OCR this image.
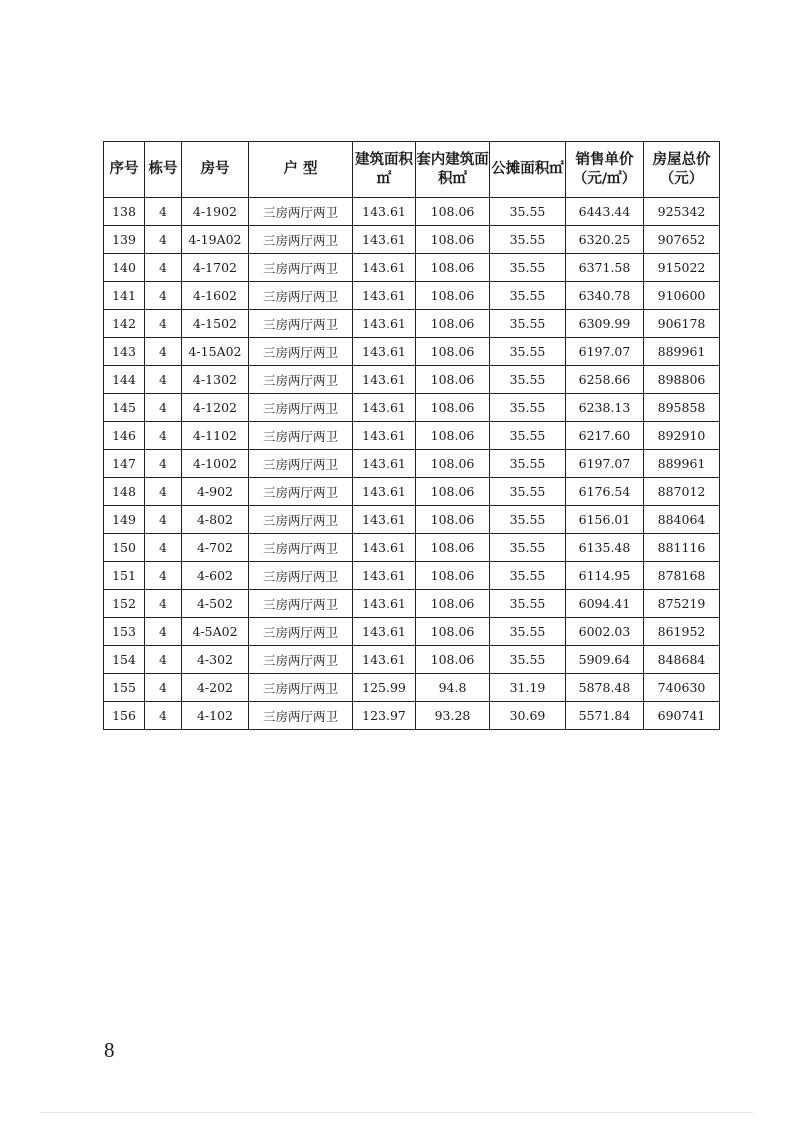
序号	栋号	房号	户 型	建筑面积㎡	套内建筑面积㎡	公摊面积㎡	销售单价（元/㎡）	房屋总价（元）
138	4	4-1902	三房两厅两卫	143.61	108.06	35.55	6443.44	925342
139	4	4-19A02	三房两厅两卫	143.61	108.06	35.55	6320.25	907652
140	4	4-1702	三房两厅两卫	143.61	108.06	35.55	6371.58	915022
141	4	4-1602	三房两厅两卫	143.61	108.06	35.55	6340.78	910600
142	4	4-1502	三房两厅两卫	143.61	108.06	35.55	6309.99	906178
143	4	4-15A02	三房两厅两卫	143.61	108.06	35.55	6197.07	889961
144	4	4-1302	三房两厅两卫	143.61	108.06	35.55	6258.66	898806
145	4	4-1202	三房两厅两卫	143.61	108.06	35.55	6238.13	895858
146	4	4-1102	三房两厅两卫	143.61	108.06	35.55	6217.60	892910
147	4	4-1002	三房两厅两卫	143.61	108.06	35.55	6197.07	889961
148	4	4-902	三房两厅两卫	143.61	108.06	35.55	6176.54	887012
149	4	4-802	三房两厅两卫	143.61	108.06	35.55	6156.01	884064
150	4	4-702	三房两厅两卫	143.61	108.06	35.55	6135.48	881116
151	4	4-602	三房两厅两卫	143.61	108.06	35.55	6114.95	878168
152	4	4-502	三房两厅两卫	143.61	108.06	35.55	6094.41	875219
153	4	4-5A02	三房两厅两卫	143.61	108.06	35.55	6002.03	861952
154	4	4-302	三房两厅两卫	143.61	108.06	35.55	5909.64	848684
155	4	4-202	三房两厅两卫	125.99	94.8	31.19	5878.48	740630
156	4	4-102	三房两厅两卫	123.97	93.28	30.69	5571.84	690741
8
